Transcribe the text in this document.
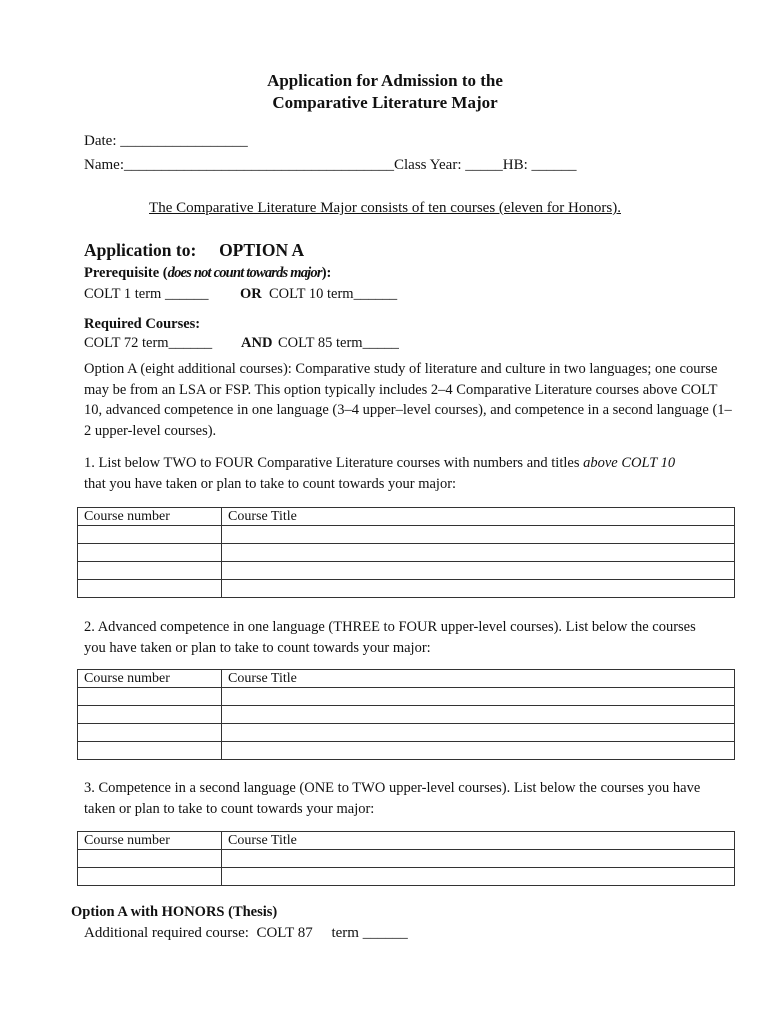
Application for Admission to the
Comparative Literature Major
Date: _________________
Name:____________________________________Class Year: _____HB: ______
The Comparative Literature Major consists of ten courses (eleven for Honors).
Application to: OPTION A
Prerequisite (does not count towards major):
COLT 1 term ______ OR COLT 10 term______
Required Courses:
COLT 72 term______ AND COLT 85 term_____
Option A (eight additional courses): Comparative study of literature and culture in two languages; one course may be from an LSA or FSP. This option typically includes 2–4 Comparative Literature courses above COLT 10, advanced competence in one language (3–4 upper–level courses), and competence in a second language (1–2 upper-level courses).
1. List below TWO to FOUR Comparative Literature courses with numbers and titles above COLT 10
that you have taken or plan to take to count towards your major:
Course number	Course Title

2. Advanced competence in one language (THREE to FOUR upper-level courses). List below the courses you have taken or plan to take to count towards your major:
Course number	Course Title

3. Competence in a second language (ONE to TWO upper-level courses). List below the courses you have taken or plan to take to count towards your major:
Course number	Course Title

Option A with HONORS (Thesis)
Additional required course:  COLT 87     term ______
